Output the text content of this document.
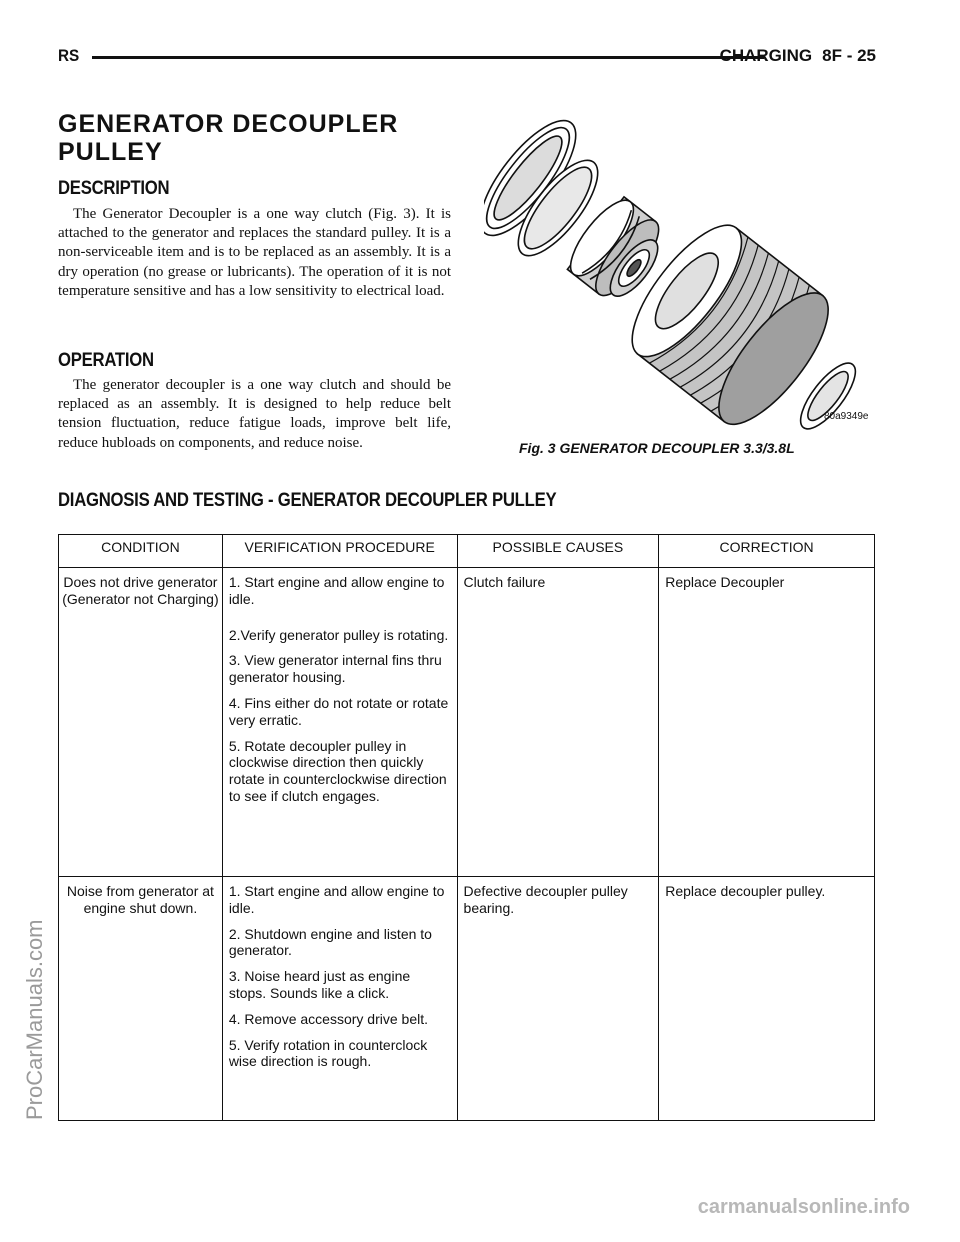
RS	CHARGING 8F - 25
GENERATOR DECOUPLER PULLEY
DESCRIPTION

The Generator Decoupler is a one way clutch (Fig. 3). It is attached to the generator and replaces the standard pulley. It is a non-serviceable item and is to be replaced as an assembly. It is a dry operation (no grease or lubricants). The operation of it is not temperature sensitive and has a low sensitivity to electrical load.

OPERATION

The generator decoupler is a one way clutch and should be replaced as an assembly. It is designed to help reduce belt tension fluctuation, reduce fatigue loads, improve belt life, reduce hubloads on components, and reduce noise.

80a9349e
Fig. 3 GENERATOR DECOUPLER 3.3/3.8L
DIAGNOSIS AND TESTING - GENERATOR DECOUPLER PULLEY
CONDITION	VERIFICATION PROCEDURE	POSSIBLE CAUSES	CORRECTION
Does not drive generator (Generator not Charging)	1. Start engine and allow engine to idle.
2.Verify generator pulley is rotating.
3. View generator internal fins thru generator housing.
4. Fins either do not rotate or rotate very erratic.
5. Rotate decoupler pulley in clockwise direction then quickly rotate in counterclockwise direction to see if clutch engages.	Clutch failure	Replace Decoupler
Noise from generator at engine shut down.	1. Start engine and allow engine to idle.
2. Shutdown engine and listen to generator.
3. Noise heard just as engine stops. Sounds like a click.
4. Remove accessory drive belt.
5. Verify rotation in counterclock wise direction is rough.	Defective decoupler pulley bearing.	Replace decoupler pulley.
ProCarManuals.com
carmanualsonline.info
